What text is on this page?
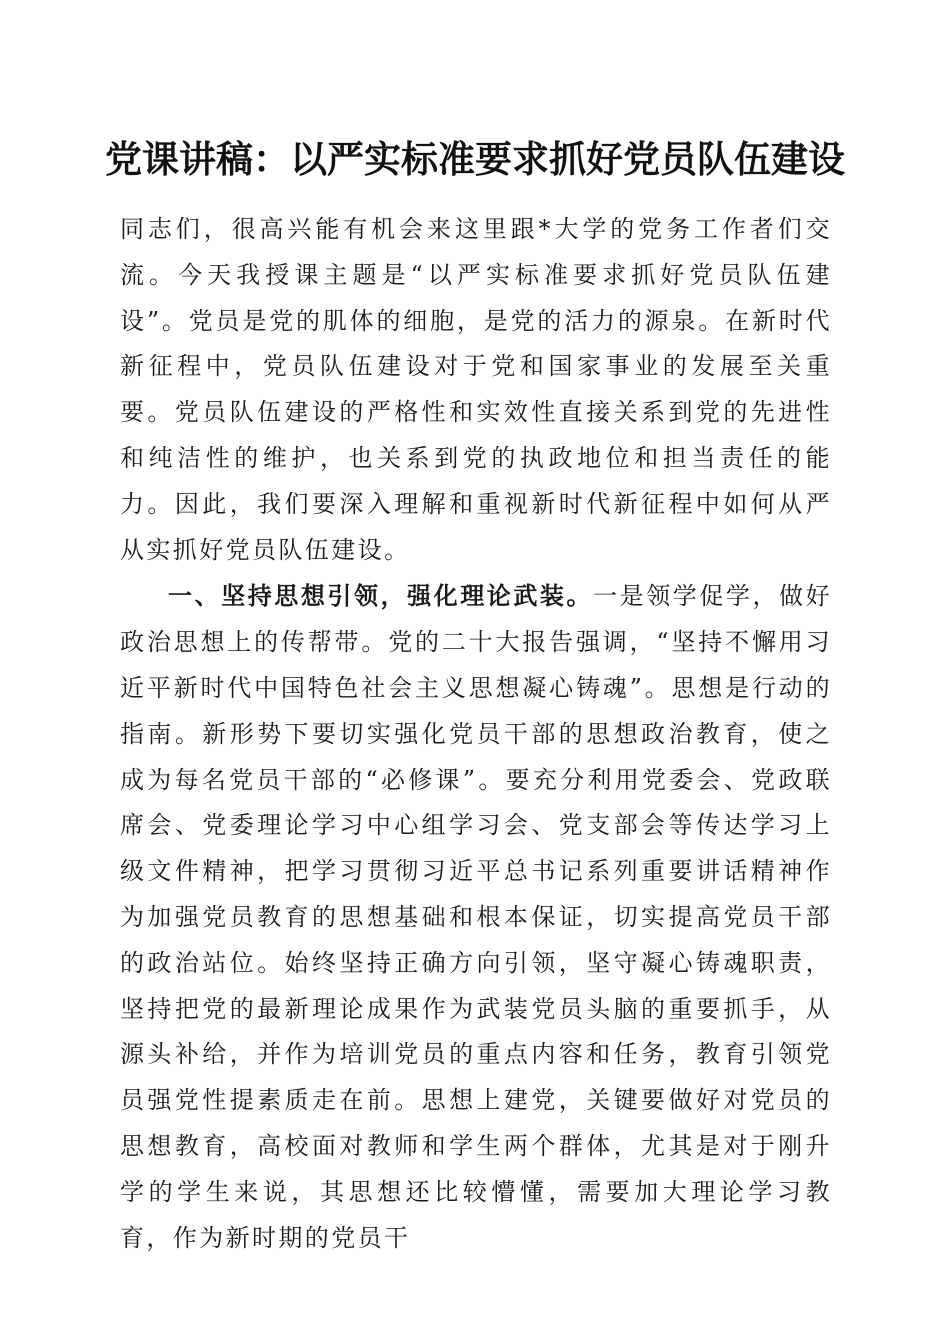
党课讲稿：以严实标准要求抓好党员队伍建设

同志们，很高兴能有机会来这里跟*大学的党务工作者们交流。今天我授课主题是“以严实标准要求抓好党员队伍建设”。党员是党的肌体的细胞，是党的活力的源泉。在新时代新征程中，党员队伍建设对于党和国家事业的发展至关重要。党员队伍建设的严格性和实效性直接关系到党的先进性和纯洁性的维护，也关系到党的执政地位和担当责任的能力。因此，我们要深入理解和重视新时代新征程中如何从严从实抓好党员队伍建设。

一、坚持思想引领，强化理论武装。一是领学促学，做好政治思想上的传帮带。党的二十大报告强调，“坚持不懈用习近平新时代中国特色社会主义思想凝心铸魂”。思想是行动的指南。新形势下要切实强化党员干部的思想政治教育，使之成为每名党员干部的“必修课”。要充分利用党委会、党政联席会、党委理论学习中心组学习会、党支部会等传达学习上级文件精神，把学习贯彻习近平总书记系列重要讲话精神作为加强党员教育的思想基础和根本保证，切实提高党员干部的政治站位。始终坚持正确方向引领，坚守凝心铸魂职责，坚持把党的最新理论成果作为武装党员头脑的重要抓手，从源头补给，并作为培训党员的重点内容和任务，教育引领党员强党性提素质走在前。思想上建党，关键要做好对党员的思想教育，高校面对教师和学生两个群体，尤其是对于刚升学的学生来说，其思想还比较懵懂，需要加大理论学习教育，作为新时期的党员干
